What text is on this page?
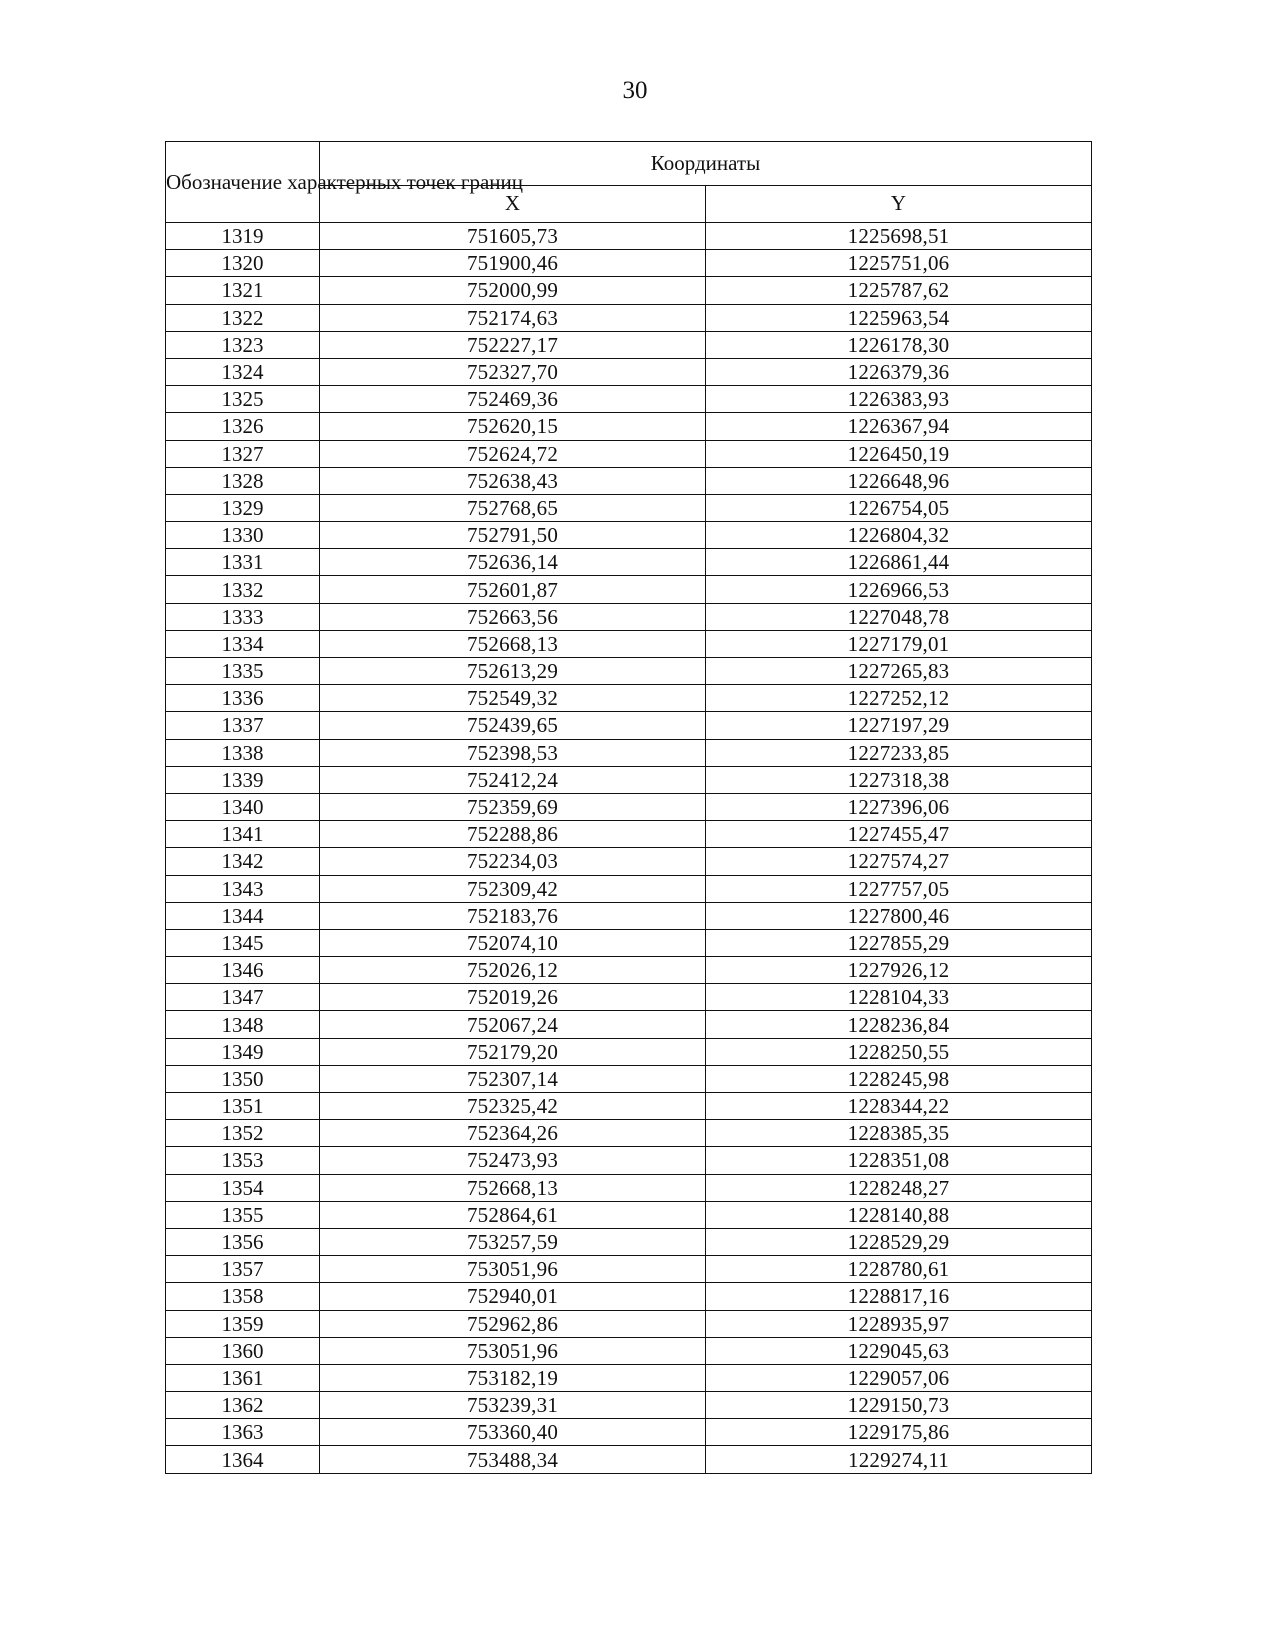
30
Обозначение характерных точек границ	Координаты	
	X	Y
1319	751605,73	1225698,51
1320	751900,46	1225751,06
1321	752000,99	1225787,62
1322	752174,63	1225963,54
1323	752227,17	1226178,30
1324	752327,70	1226379,36
1325	752469,36	1226383,93
1326	752620,15	1226367,94
1327	752624,72	1226450,19
1328	752638,43	1226648,96
1329	752768,65	1226754,05
1330	752791,50	1226804,32
1331	752636,14	1226861,44
1332	752601,87	1226966,53
1333	752663,56	1227048,78
1334	752668,13	1227179,01
1335	752613,29	1227265,83
1336	752549,32	1227252,12
1337	752439,65	1227197,29
1338	752398,53	1227233,85
1339	752412,24	1227318,38
1340	752359,69	1227396,06
1341	752288,86	1227455,47
1342	752234,03	1227574,27
1343	752309,42	1227757,05
1344	752183,76	1227800,46
1345	752074,10	1227855,29
1346	752026,12	1227926,12
1347	752019,26	1228104,33
1348	752067,24	1228236,84
1349	752179,20	1228250,55
1350	752307,14	1228245,98
1351	752325,42	1228344,22
1352	752364,26	1228385,35
1353	752473,93	1228351,08
1354	752668,13	1228248,27
1355	752864,61	1228140,88
1356	753257,59	1228529,29
1357	753051,96	1228780,61
1358	752940,01	1228817,16
1359	752962,86	1228935,97
1360	753051,96	1229045,63
1361	753182,19	1229057,06
1362	753239,31	1229150,73
1363	753360,40	1229175,86
1364	753488,34	1229274,11
